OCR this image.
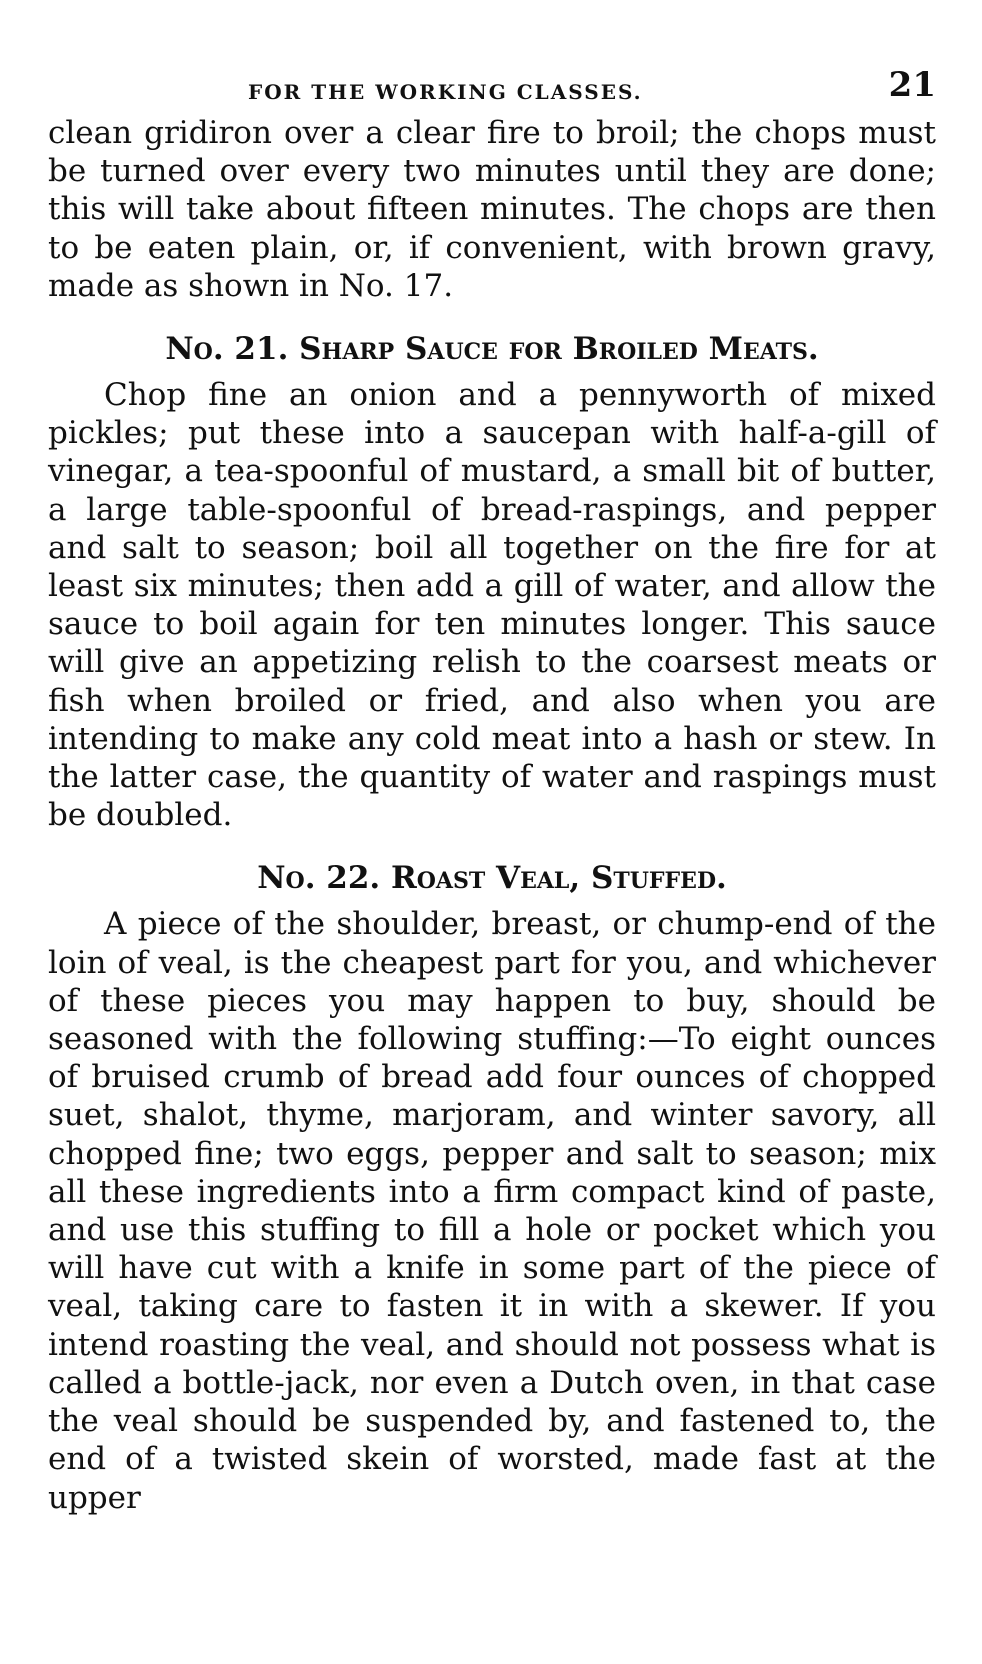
FOR THE WORKING CLASSES.	21

clean gridiron over a clear fire to broil; the chops must be turned over every two minutes until they are done; this will take about fifteen minutes. The chops are then to be eaten plain, or, if convenient, with brown gravy, made as shown in No. 17.

No. 21. Sharp Sauce for Broiled Meats.

Chop fine an onion and a pennyworth of mixed pickles; put these into a saucepan with half-a-gill of vinegar, a tea-spoonful of mustard, a small bit of butter, a large table-spoonful of bread-raspings, and pepper and salt to season; boil all together on the fire for at least six minutes; then add a gill of water, and allow the sauce to boil again for ten minutes longer. This sauce will give an appetizing relish to the coarsest meats or fish when broiled or fried, and also when you are intending to make any cold meat into a hash or stew. In the latter case, the quantity of water and raspings must be doubled.

No. 22. Roast Veal, Stuffed.

A piece of the shoulder, breast, or chump-end of the loin of veal, is the cheapest part for you, and whichever of these pieces you may happen to buy, should be seasoned with the following stuffing:—To eight ounces of bruised crumb of bread add four ounces of chopped suet, shalot, thyme, marjoram, and winter savory, all chopped fine; two eggs, pepper and salt to season; mix all these ingredients into a firm compact kind of paste, and use this stuffing to fill a hole or pocket which you will have cut with a knife in some part of the piece of veal, taking care to fasten it in with a skewer. If you intend roasting the veal, and should not possess what is called a bottle-jack, nor even a Dutch oven, in that case the veal should be suspended by, and fastened to, the end of a twisted skein of worsted, made fast at the upper
